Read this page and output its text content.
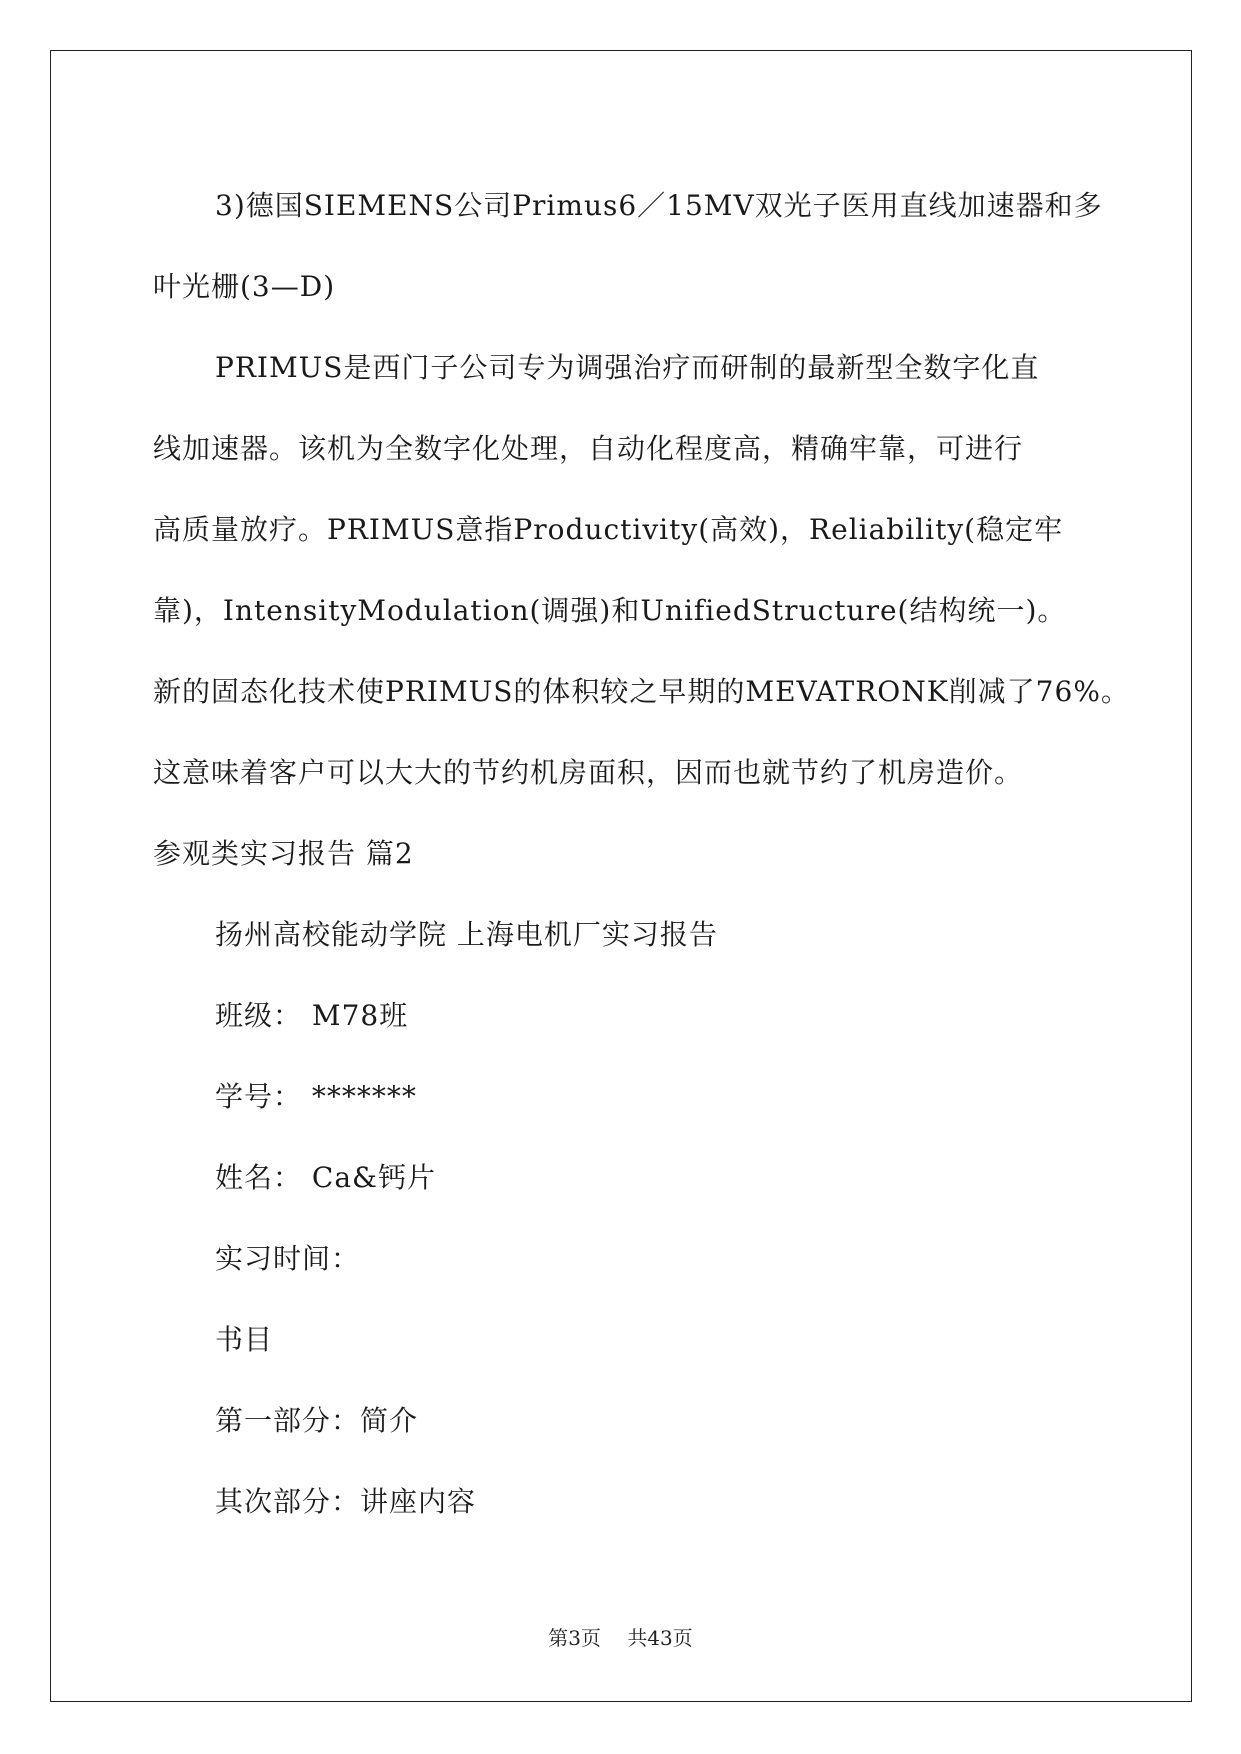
3)德国SIEMENS公司Primus6／15MV双光子医用直线加速器和多

叶光栅(3—D)

PRIMUS是西门子公司专为调强治疗而研制的最新型全数字化直

线加速器。该机为全数字化处理，自动化程度高，精确牢靠，可进行

高质量放疗。PRIMUS意指Productivity(高效)，Reliability(稳定牢

靠)，IntensityModulation(调强)和UnifiedStructure(结构统一)。

新的固态化技术使PRIMUS的体积较之早期的MEVATRONK削减了76%。

这意味着客户可以大大的节约机房面积，因而也就节约了机房造价。

参观类实习报告 篇2

扬州高校能动学院 上海电机厂实习报告

班级： M78班

学号： *******

姓名： Ca&钙片

实习时间：

书目

第一部分：简介

其次部分：讲座内容

第3页 共43页
